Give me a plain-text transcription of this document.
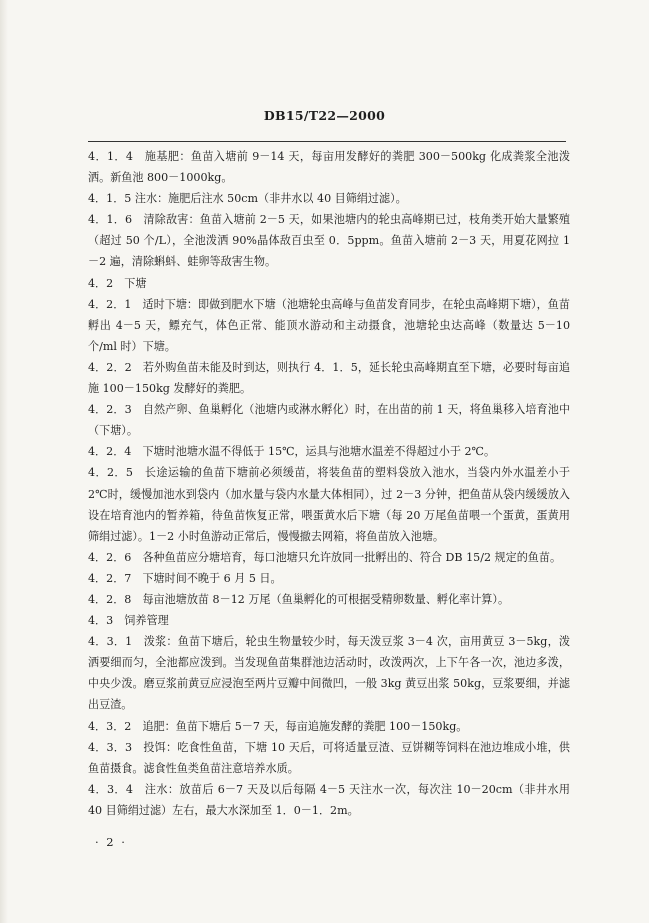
DB15/T22—2000

4．1．4　施基肥：鱼苗入塘前 9－14 天，每亩用发酵好的粪肥 300－500kg 化成粪浆全池泼洒。新鱼池 800－1000kg。

4．1．5 注水：施肥后注水 50cm（非井水以 40 目筛绢过滤）。

4．1．6　清除敌害：鱼苗入塘前 2－5 天，如果池塘内的轮虫高峰期已过，枝角类开始大量繁殖（超过 50 个/L），全池泼洒 90%晶体敌百虫至 0．5ppm。鱼苗入塘前 2－3 天，用夏花网拉 1－2 遍，清除蝌蚪、蛙卵等敌害生物。

4．2　下塘

4．2．1　适时下塘：即做到肥水下塘（池塘轮虫高峰与鱼苗发育同步，在轮虫高峰期下塘），鱼苗孵出 4－5 天，鳔充气，体色正常、能顶水游动和主动摄食，池塘轮虫达高峰（数量达 5－10 个/ml 时）下塘。

4．2．2　若外购鱼苗未能及时到达，则执行 4．1．5，延长轮虫高峰期直至下塘，必要时每亩追施 100－150kg 发酵好的粪肥。

4．2．3　自然产卵、鱼巢孵化（池塘内或淋水孵化）时，在出苗的前 1 天，将鱼巢移入培育池中（下塘）。

4．2．4　下塘时池塘水温不得低于 15℃，运具与池塘水温差不得超过小于 2℃。

4．2．5　长途运输的鱼苗下塘前必须缓苗，将装鱼苗的塑料袋放入池水，当袋内外水温差小于 2℃时，缓慢加池水到袋内（加水量与袋内水量大体相同），过 2－3 分钟，把鱼苗从袋内缓缓放入设在培育池内的暂养箱，待鱼苗恢复正常，喂蛋黄水后下塘（每 20 万尾鱼苗喂一个蛋黄，蛋黄用筛绢过滤）。1－2 小时鱼游动正常后，慢慢撤去网箱，将鱼苗放入池塘。

4．2．6　各种鱼苗应分塘培育，每口池塘只允许放同一批孵出的、符合 DB 15/2 规定的鱼苗。

4．2．7　下塘时间不晚于 6 月 5 日。

4．2．8　每亩池塘放苗 8－12 万尾（鱼巢孵化的可根据受精卵数量、孵化率计算）。

4．3　饲养管理

4．3．1　泼浆：鱼苗下塘后，轮虫生物量较少时，每天泼豆浆 3－4 次，亩用黄豆 3－5kg，泼洒要细而匀，全池都应泼到。当发现鱼苗集群池边活动时，改泼两次，上下午各一次，池边多泼，中央少泼。磨豆浆前黄豆应浸泡至两片豆瓣中间微凹，一般 3kg 黄豆出浆 50kg，豆浆要细，并滤出豆渣。

4．3．2　追肥：鱼苗下塘后 5－7 天，每亩追施发酵的粪肥 100－150kg。

4．3．3　投饵：吃食性鱼苗，下塘 10 天后，可将适量豆渣、豆饼糊等饲料在池边堆成小堆，供鱼苗摄食。滤食性鱼类鱼苗注意培养水质。

4．3．4　注水：放苗后 6－7 天及以后每隔 4－5 天注水一次，每次注 10－20cm（非井水用 40 目筛绢过滤）左右，最大水深加至 1．0－1．2m。

· 2 ·
